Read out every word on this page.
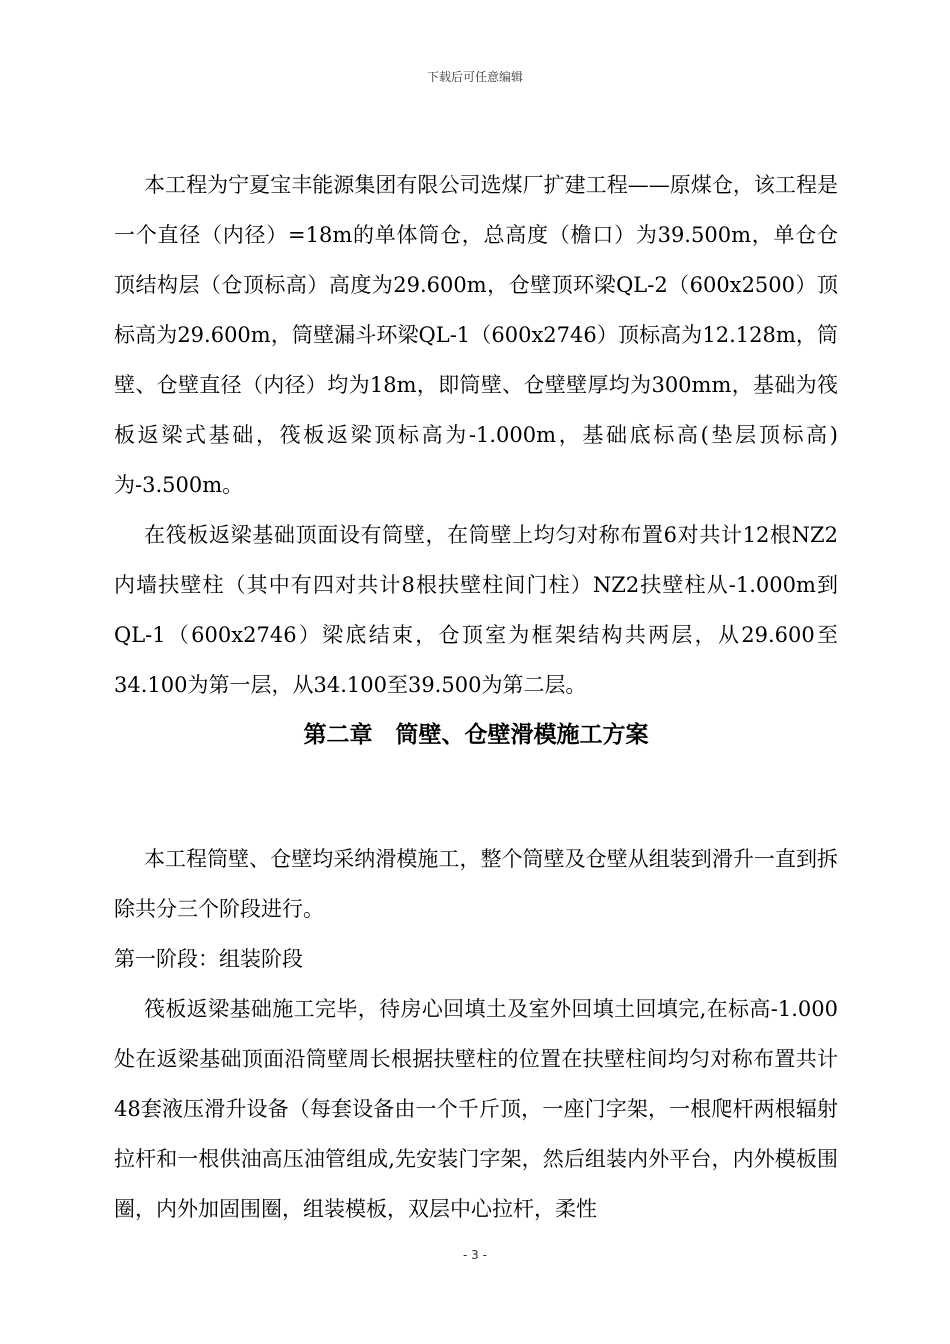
下载后可任意编辑

本工程为宁夏宝丰能源集团有限公司选煤厂扩建工程——原煤仓，该工程是一个直径（内径）=18m的单体筒仓，总高度（檐口）为39.500m，单仓仓顶结构层（仓顶标高）高度为29.600m，仓壁顶环梁QL-2（600x2500）顶标高为29.600m，筒壁漏斗环梁QL-1（600x2746）顶标高为12.128m，筒壁、仓壁直径（内径）均为18m，即筒壁、仓壁壁厚均为300mm，基础为筏板返梁式基础，筏板返梁顶标高为-1.000m，基础底标高(垫层顶标高)为-3.500m。

在筏板返梁基础顶面设有筒壁，在筒壁上均匀对称布置6对共计12根NZ2内墙扶壁柱（其中有四对共计8根扶壁柱间门柱）NZ2扶壁柱从-1.000m到QL-1（600x2746）梁底结束，仓顶室为框架结构共两层，从29.600至34.100为第一层，从34.100至39.500为第二层。

第二章　筒壁、仓壁滑模施工方案

本工程筒壁、仓壁均采纳滑模施工，整个筒壁及仓壁从组装到滑升一直到拆除共分三个阶段进行。

第一阶段：组装阶段

筏板返梁基础施工完毕，待房心回填土及室外回填土回填完,在标高-1.000处在返梁基础顶面沿筒壁周长根据扶壁柱的位置在扶壁柱间均匀对称布置共计48套液压滑升设备（每套设备由一个千斤顶，一座门字架，一根爬杆两根辐射拉杆和一根供油高压油管组成,先安装门字架，然后组装内外平台，内外模板围圈，内外加固围圈，组装模板，双层中心拉杆，柔性

- 3 -
